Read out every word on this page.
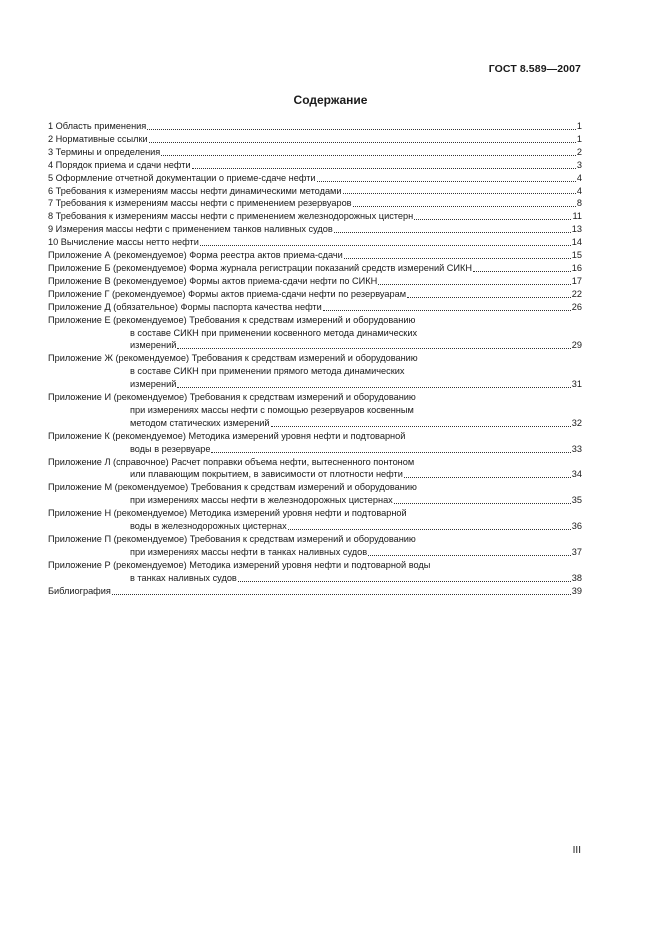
ГОСТ 8.589—2007
Содержание
1 Область применения	1
2 Нормативные ссылки	1
3 Термины и определения	2
4 Порядок приема и сдачи нефти	3
5 Оформление отчетной документации о приеме-сдаче нефти	4
6 Требования к измерениям массы нефти динамическими методами	4
7 Требования к измерениям массы нефти с применением резервуаров	8
8 Требования к измерениям массы нефти с применением железнодорожных цистерн	11
9 Измерения массы нефти с применением танков наливных судов	13
10 Вычисление массы нетто нефти	14
Приложение А (рекомендуемое) Форма реестра актов приема-сдачи	15
Приложение Б (рекомендуемое) Форма журнала регистрации показаний средств измерений СИКН	16
Приложение В (рекомендуемое) Формы актов приема-сдачи нефти по СИКН	17
Приложение Г (рекомендуемое) Формы актов приема-сдачи нефти по резервуарам	22
Приложение Д (обязательное) Формы паспорта качества нефти	26
Приложение Е (рекомендуемое) Требования к средствам измерений и оборудованию
в составе СИКН при применении косвенного метода динамических
измерений	29
Приложение Ж (рекомендуемое) Требования к средствам измерений и оборудованию
в составе СИКН при применении прямого метода динамических
измерений	31
Приложение И (рекомендуемое) Требования к средствам измерений и оборудованию
при измерениях массы нефти с помощью резервуаров косвенным
методом статических измерений	32
Приложение К (рекомендуемое) Методика измерений уровня нефти и подтоварной
воды в резервуаре	33
Приложение Л (справочное) Расчет поправки объема нефти, вытесненного понтоном
или плавающим покрытием, в зависимости от плотности нефти	34
Приложение М (рекомендуемое) Требования к средствам измерений и оборудованию
при измерениях массы нефти в железнодорожных цистернах	35
Приложение Н (рекомендуемое) Методика измерений уровня нефти и подтоварной
воды в железнодорожных цистернах	36
Приложение П (рекомендуемое) Требования к средствам измерений и оборудованию
при измерениях массы нефти в танках наливных судов	37
Приложение Р (рекомендуемое) Методика измерений уровня нефти и подтоварной воды
в танках наливных судов	38
Библиография	39
III
